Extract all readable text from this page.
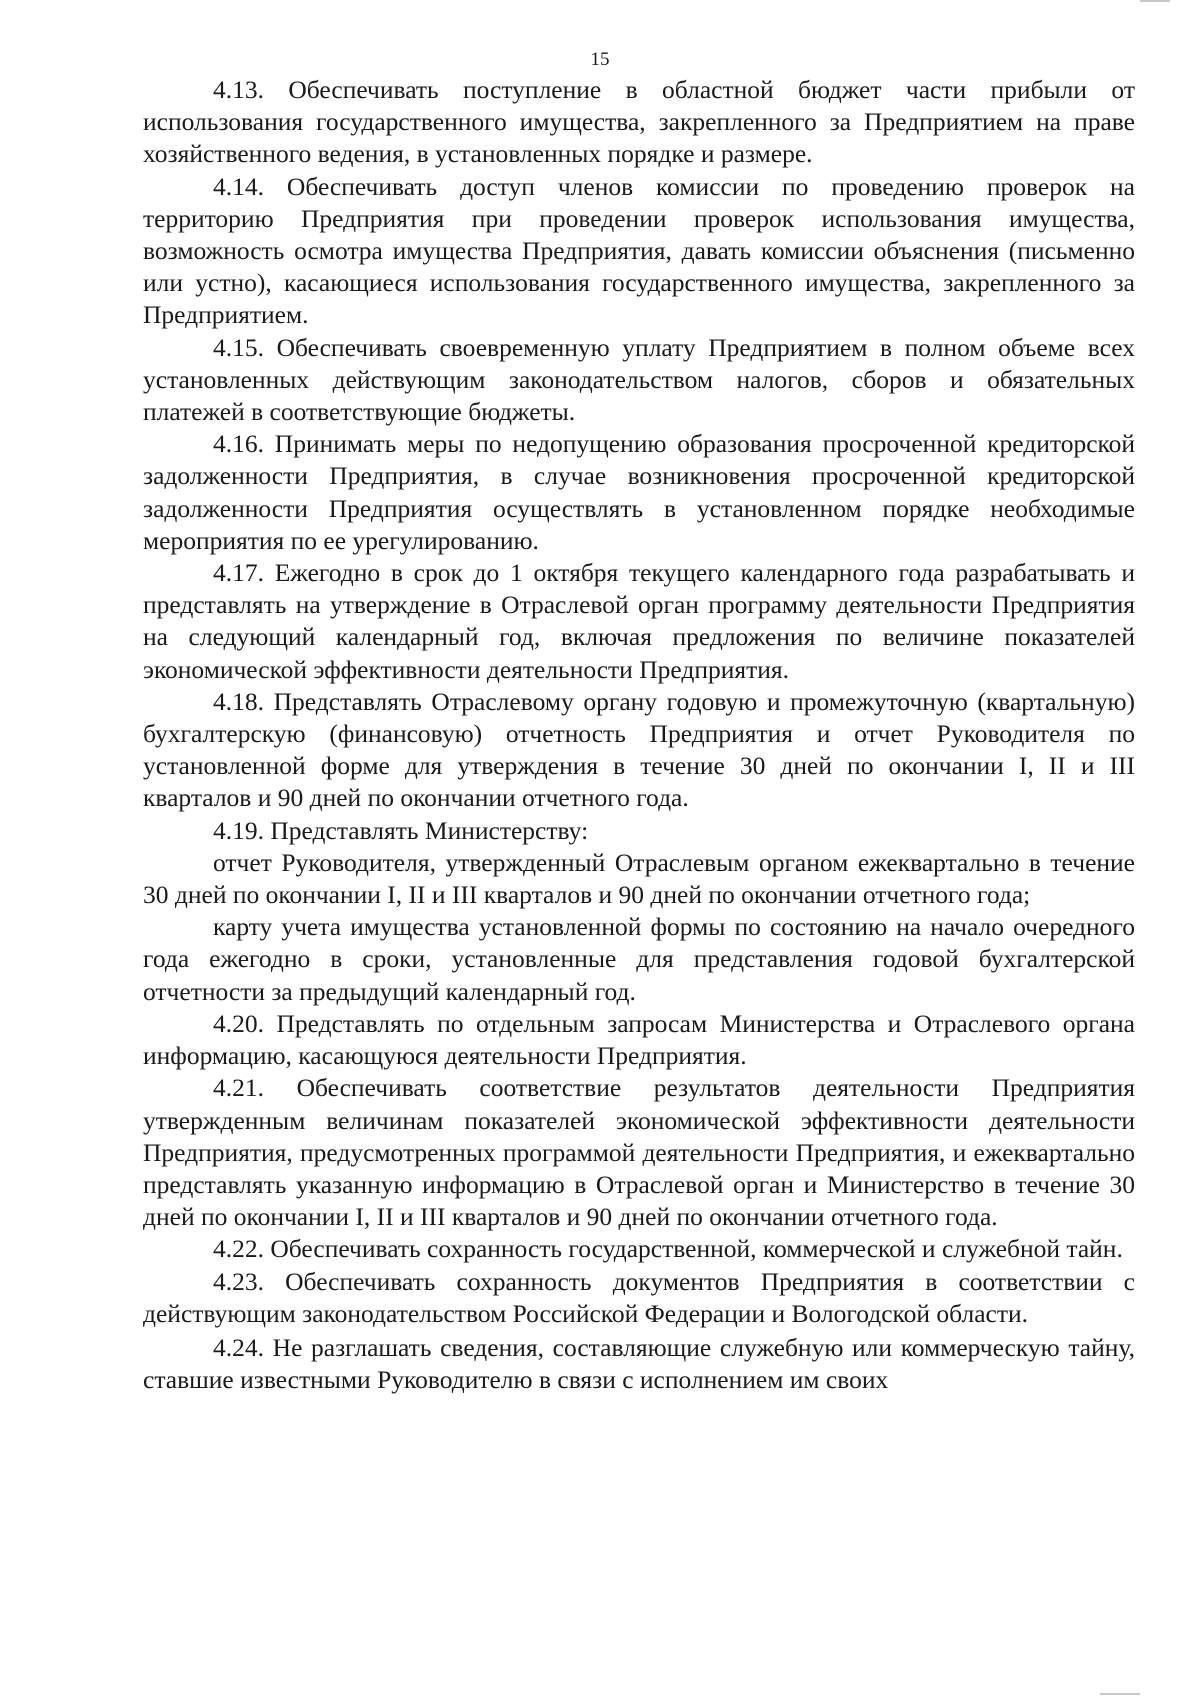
15

4.13. Обеспечивать поступление в областной бюджет части прибыли от использования государственного имущества, закрепленного за Предприятием на праве хозяйственного ведения, в установленных порядке и размере.

4.14. Обеспечивать доступ членов комиссии по проведению проверок на территорию Предприятия при проведении проверок использования имущества, возможность осмотра имущества Предприятия, давать комиссии объяснения (письменно или устно), касающиеся использования государственного имущества, закрепленного за Предприятием.

4.15. Обеспечивать своевременную уплату Предприятием в полном объеме всех установленных действующим законодательством налогов, сборов и обязательных платежей в соответствующие бюджеты.

4.16. Принимать меры по недопущению образования просроченной кредиторской задолженности Предприятия, в случае возникновения просроченной кредиторской задолженности Предприятия осуществлять в установленном порядке необходимые мероприятия по ее урегулированию.

4.17. Ежегодно в срок до 1 октября текущего календарного года разрабатывать и представлять на утверждение в Отраслевой орган программу деятельности Предприятия на следующий календарный год, включая предложения по величине показателей экономической эффективности деятельности Предприятия.

4.18. Представлять Отраслевому органу годовую и промежуточную (квартальную) бухгалтерскую (финансовую) отчетность Предприятия и отчет Руководителя по установленной форме для утверждения в течение 30 дней по окончании I, II и III кварталов и 90 дней по окончании отчетного года.

4.19. Представлять Министерству:

отчет Руководителя, утвержденный Отраслевым органом ежеквартально в течение 30 дней по окончании I, II и III кварталов и 90 дней по окончании отчетного года;

карту учета имущества установленной формы по состоянию на начало очередного года ежегодно в сроки, установленные для представления годовой бухгалтерской отчетности за предыдущий календарный год.

4.20. Представлять по отдельным запросам Министерства и Отраслевого органа информацию, касающуюся деятельности Предприятия.

4.21. Обеспечивать соответствие результатов деятельности Предприятия утвержденным величинам показателей экономической эффективности деятельности Предприятия, предусмотренных программой деятельности Предприятия, и ежеквартально представлять указанную информацию в Отраслевой орган и Министерство в течение 30 дней по окончании I, II и III кварталов и 90 дней по окончании отчетного года.

4.22. Обеспечивать сохранность государственной, коммерческой и служебной тайн.

4.23. Обеспечивать сохранность документов Предприятия в соответствии с действующим законодательством Российской Федерации и Вологодской области.

4.24. Не разглашать сведения, составляющие служебную или коммерческую тайну, ставшие известными Руководителю в связи с исполнением им своих
